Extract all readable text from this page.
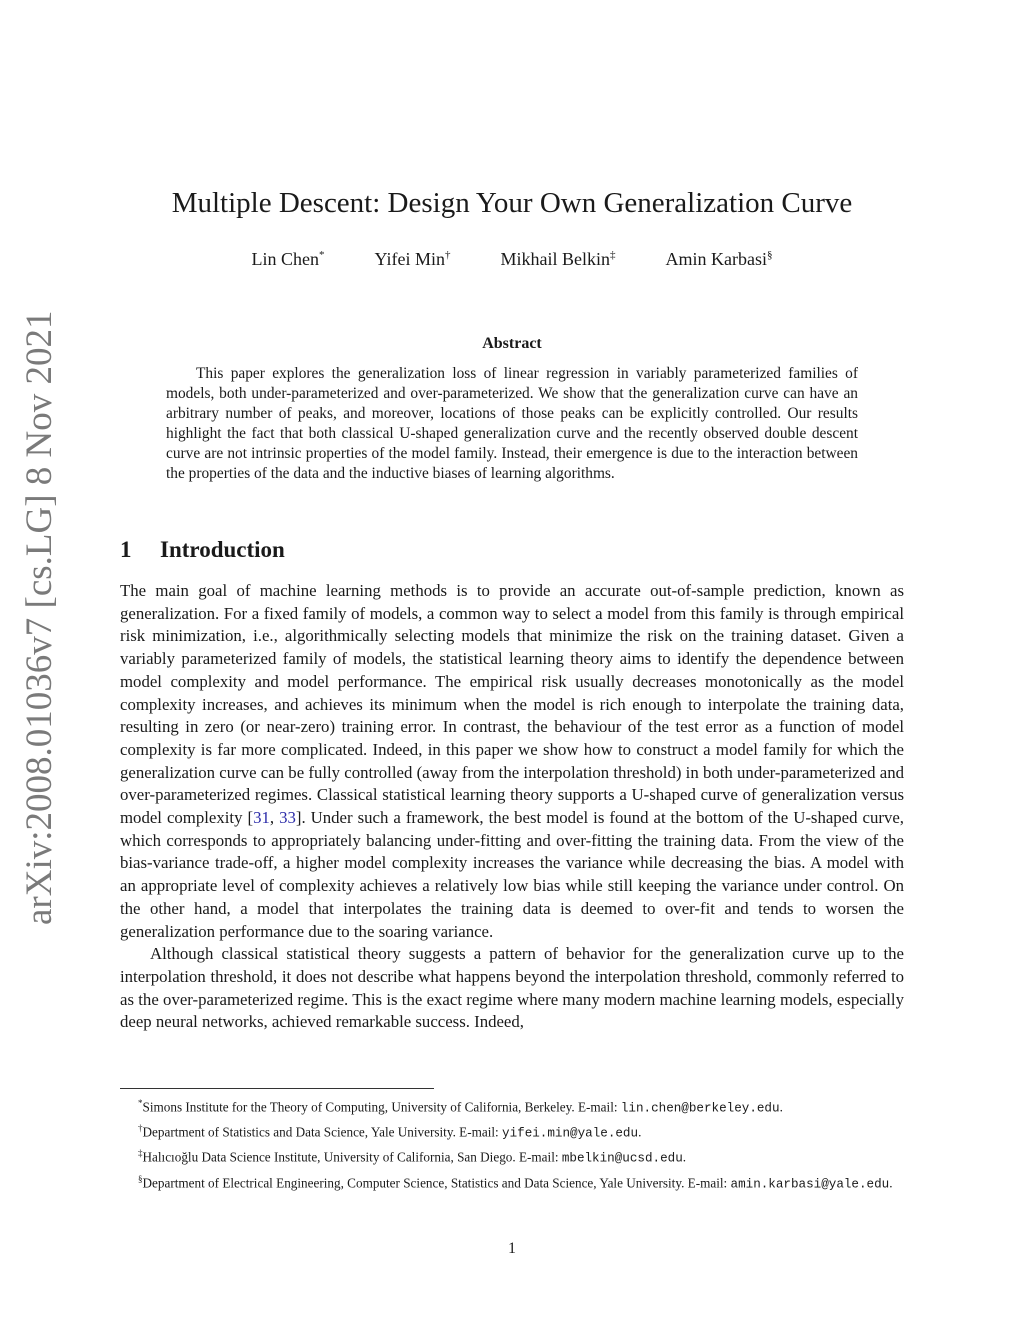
arXiv:2008.01036v7 [cs.LG] 8 Nov 2021
Multiple Descent: Design Your Own Generalization Curve
Lin Chen*	Yifei Min†	Mikhail Belkin‡	Amin Karbasi§
Abstract

This paper explores the generalization loss of linear regression in variably parameterized families of models, both under-parameterized and over-parameterized. We show that the generalization curve can have an arbitrary number of peaks, and moreover, locations of those peaks can be explicitly controlled. Our results highlight the fact that both classical U-shaped generalization curve and the recently observed double descent curve are not intrinsic properties of the model family. Instead, their emergence is due to the interaction between the properties of the data and the inductive biases of learning algorithms.

1 Introduction

The main goal of machine learning methods is to provide an accurate out-of-sample prediction, known as generalization. For a fixed family of models, a common way to select a model from this family is through empirical risk minimization, i.e., algorithmically selecting models that minimize the risk on the training dataset. Given a variably parameterized family of models, the statistical learning theory aims to identify the dependence between model complexity and model performance. The empirical risk usually decreases monotonically as the model complexity increases, and achieves its minimum when the model is rich enough to interpolate the training data, resulting in zero (or near-zero) training error. In contrast, the behaviour of the test error as a function of model complexity is far more complicated. Indeed, in this paper we show how to construct a model family for which the generalization curve can be fully controlled (away from the interpolation threshold) in both under-parameterized and over-parameterized regimes. Classical statistical learning theory supports a U-shaped curve of generalization versus model complexity [31, 33]. Under such a framework, the best model is found at the bottom of the U-shaped curve, which corresponds to appropriately balancing under-fitting and over-fitting the training data. From the view of the bias-variance trade-off, a higher model complexity increases the variance while decreasing the bias. A model with an appropriate level of complexity achieves a relatively low bias while still keeping the variance under control. On the other hand, a model that interpolates the training data is deemed to over-fit and tends to worsen the generalization performance due to the soaring variance.

Although classical statistical theory suggests a pattern of behavior for the generalization curve up to the interpolation threshold, it does not describe what happens beyond the interpolation threshold, commonly referred to as the over-parameterized regime. This is the exact regime where many modern machine learning models, especially deep neural networks, achieved remarkable success. Indeed,

*Simons Institute for the Theory of Computing, University of California, Berkeley. E-mail: lin.chen@berkeley.edu.

†Department of Statistics and Data Science, Yale University. E-mail: yifei.min@yale.edu.

‡Halıcıoğlu Data Science Institute, University of California, San Diego. E-mail: mbelkin@ucsd.edu.

§Department of Electrical Engineering, Computer Science, Statistics and Data Science, Yale University. E-mail: amin.karbasi@yale.edu.

1
